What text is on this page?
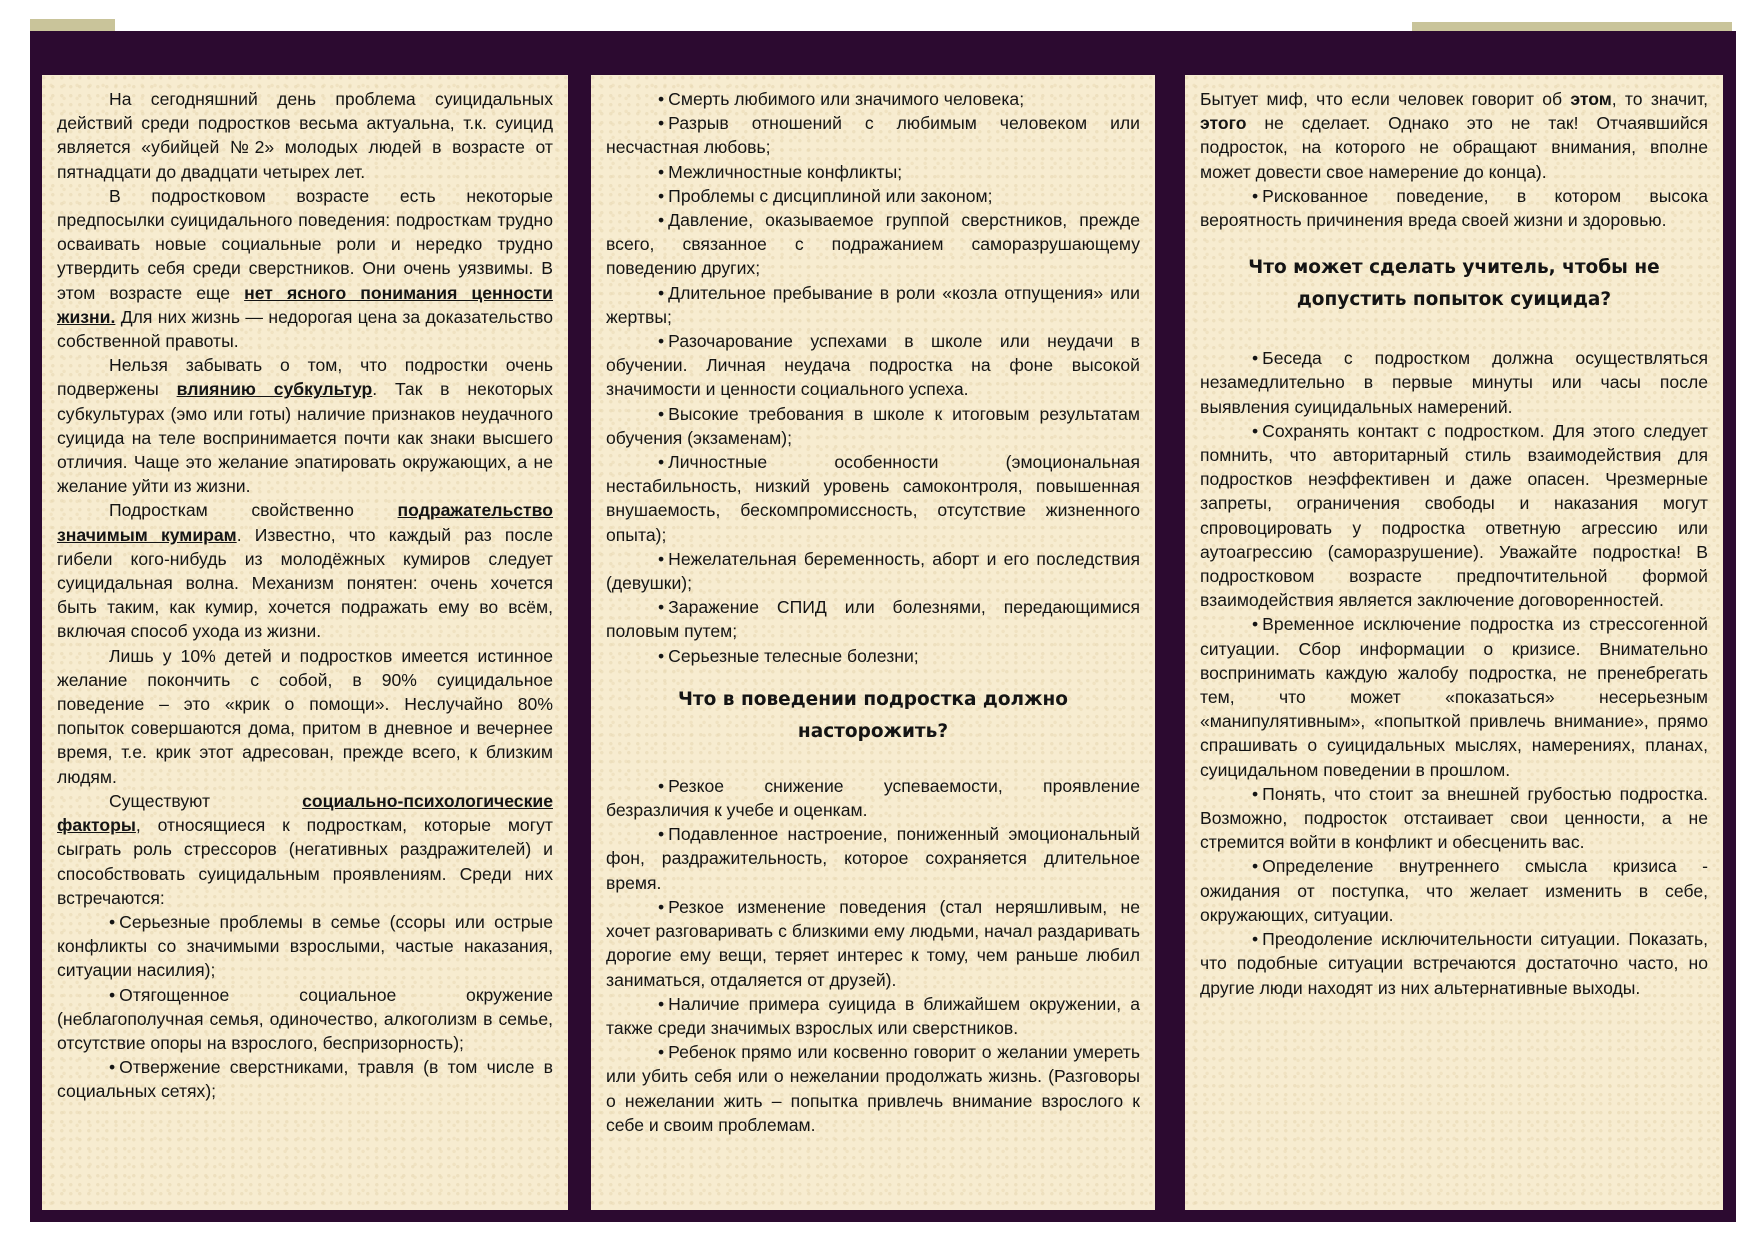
На сегодняшний день проблема суицидальных действий среди подростков весьма актуальна, т.к. суицид является «убийцей №2» молодых людей в возрасте от пятнадцати до двадцати четырех лет.

В подростковом возрасте есть некоторые предпосылки суицидального поведения: подросткам трудно осваивать новые социальные роли и нередко трудно утвердить себя среди сверстников. Они очень уязвимы. В этом возрасте еще нет ясного понимания ценности жизни. Для них жизнь — недорогая цена за доказательство собственной правоты.

Нельзя забывать о том, что подростки очень подвержены влиянию субкультур. Так в некоторых субкультурах (эмо или готы) наличие признаков неудачного суицида на теле воспринимается почти как знаки высшего отличия. Чаще это желание эпатировать окружающих, а не желание уйти из жизни.

Подросткам свойственно подражательство значимым кумирам. Известно, что каждый раз после гибели кого-нибудь из молодёжных кумиров следует суицидальная волна. Механизм понятен: очень хочется быть таким, как кумир, хочется подражать ему во всём, включая способ ухода из жизни.

Лишь у 10% детей и подростков имеется истинное желание покончить с собой, в 90% суицидальное поведение – это «крик о помощи». Неслучайно 80% попыток совершаются дома, притом в дневное и вечернее время, т.е. крик этот адресован, прежде всего, к близким людям.

Существуют социально-психологические факторы, относящиеся к подросткам, которые могут сыграть роль стрессоров (негативных раздражителей) и способствовать суицидальным проявлениям. Среди них встречаются:

• Серьезные проблемы в семье (ссоры или острые конфликты со значимыми взрослыми, частые наказания, ситуации насилия);

• Отягощенное социальное окружение (неблагополучная семья, одиночество, алкоголизм в семье, отсутствие опоры на взрослого, беспризорность);

• Отвержение сверстниками, травля (в том числе в социальных сетях);

• Смерть любимого или значимого человека;

• Разрыв отношений с любимым человеком или несчастная любовь;

• Межличностные конфликты;

• Проблемы с дисциплиной или законом;

• Давление, оказываемое группой сверстников, прежде всего, связанное с подражанием саморазрушающему поведению других;

• Длительное пребывание в роли «козла отпущения» или жертвы;

• Разочарование успехами в школе или неудачи в обучении. Личная неудача подростка на фоне высокой значимости и ценности социального успеха.

• Высокие требования в школе к итоговым результатам обучения (экзаменам);

• Личностные особенности (эмоциональная нестабильность, низкий уровень самоконтроля, повышенная внушаемость, бескомпромиссность, отсутствие жизненного опыта);

• Нежелательная беременность, аборт и его последствия (девушки);

• Заражение СПИД или болезнями, передающимися половым путем;

• Серьезные телесные болезни;

Что в поведении подростка должно насторожить?

• Резкое снижение успеваемости, проявление безразличия к учебе и оценкам.

• Подавленное настроение, пониженный эмоциональный фон, раздражительность, которое сохраняется длительное время.

• Резкое изменение поведения (стал неряшливым, не хочет разговаривать с близкими ему людьми, начал раздаривать дорогие ему вещи, теряет интерес к тому, чем раньше любил заниматься, отдаляется от друзей).

• Наличие примера суицида в ближайшем окружении, а также среди значимых взрослых или сверстников.

• Ребенок прямо или косвенно говорит о желании умереть или убить себя или о нежелании продолжать жизнь. (Разговоры о нежелании жить – попытка привлечь внимание взрослого к себе и своим проблемам.

Бытует миф, что если человек говорит об этом, то значит, этого не сделает. Однако это не так! Отчаявшийся подросток, на которого не обращают внимания, вполне может довести свое намерение до конца).

• Рискованное поведение, в котором высока вероятность причинения вреда своей жизни и здоровью.

Что может сделать учитель, чтобы не допустить попыток суицида?

• Беседа с подростком должна осуществляться незамедлительно в первые минуты или часы после выявления суицидальных намерений.

• Сохранять контакт с подростком. Для этого следует помнить, что авторитарный стиль взаимодействия для подростков неэффективен и даже опасен. Чрезмерные запреты, ограничения свободы и наказания могут спровоцировать у подростка ответную агрессию или аутоагрессию (саморазрушение). Уважайте подростка! В подростковом возрасте предпочтительной формой взаимодействия является заключение договоренностей.

• Временное исключение подростка из стрессогенной ситуации. Сбор информации о кризисе. Внимательно воспринимать каждую жалобу подростка, не пренебрегать тем, что может «показаться» несерьезным «манипулятивным», «попыткой привлечь внимание», прямо спрашивать о суицидальных мыслях, намерениях, планах, суицидальном поведении в прошлом.

• Понять, что стоит за внешней грубостью подростка. Возможно, подросток отстаивает свои ценности, а не стремится войти в конфликт и обесценить вас.

• Определение внутреннего смысла кризиса - ожидания от поступка, что желает изменить в себе, окружающих, ситуации.

• Преодоление исключительности ситуации. Показать, что подобные ситуации встречаются достаточно часто, но другие люди находят из них альтернативные выходы.
